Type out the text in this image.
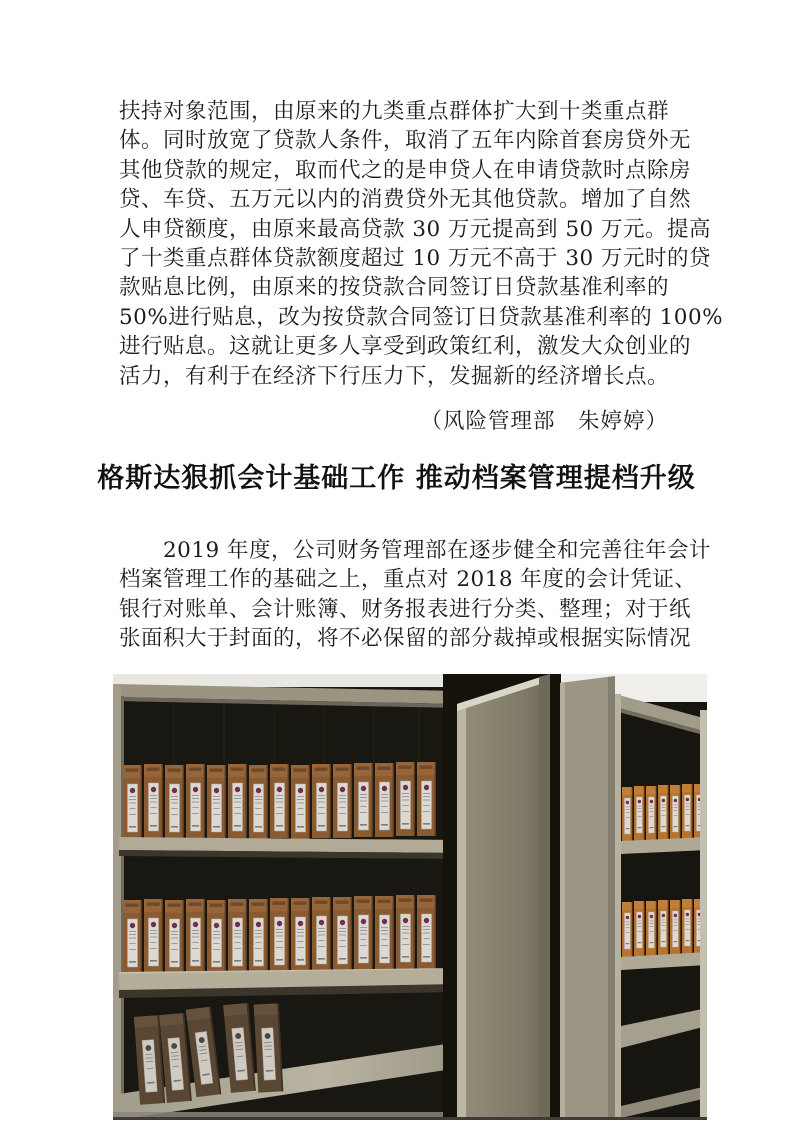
扶持对象范围，由原来的九类重点群体扩大到十类重点群
体。同时放宽了贷款人条件，取消了五年内除首套房贷外无
其他贷款的规定，取而代之的是申贷人在申请贷款时点除房
贷、车贷、五万元以内的消费贷外无其他贷款。增加了自然
人申贷额度，由原来最高贷款 30 万元提高到 50 万元。提高
了十类重点群体贷款额度超过 10 万元不高于 30 万元时的贷
款贴息比例，由原来的按贷款合同签订日贷款基准利率的
50%进行贴息，改为按贷款合同签订日贷款基准利率的 100%
进行贴息。这就让更多人享受到政策红利，激发大众创业的
活力，有利于在经济下行压力下，发掘新的经济增长点。
（风险管理部　朱婷婷）
格斯达狠抓会计基础工作 推动档案管理提档升级
　　2019 年度，公司财务管理部在逐步健全和完善往年会计
档案管理工作的基础之上，重点对 2018 年度的会计凭证、
银行对账单、会计账簿、财务报表进行分类、整理；对于纸
张面积大于封面的，将不必保留的部分裁掉或根据实际情况
